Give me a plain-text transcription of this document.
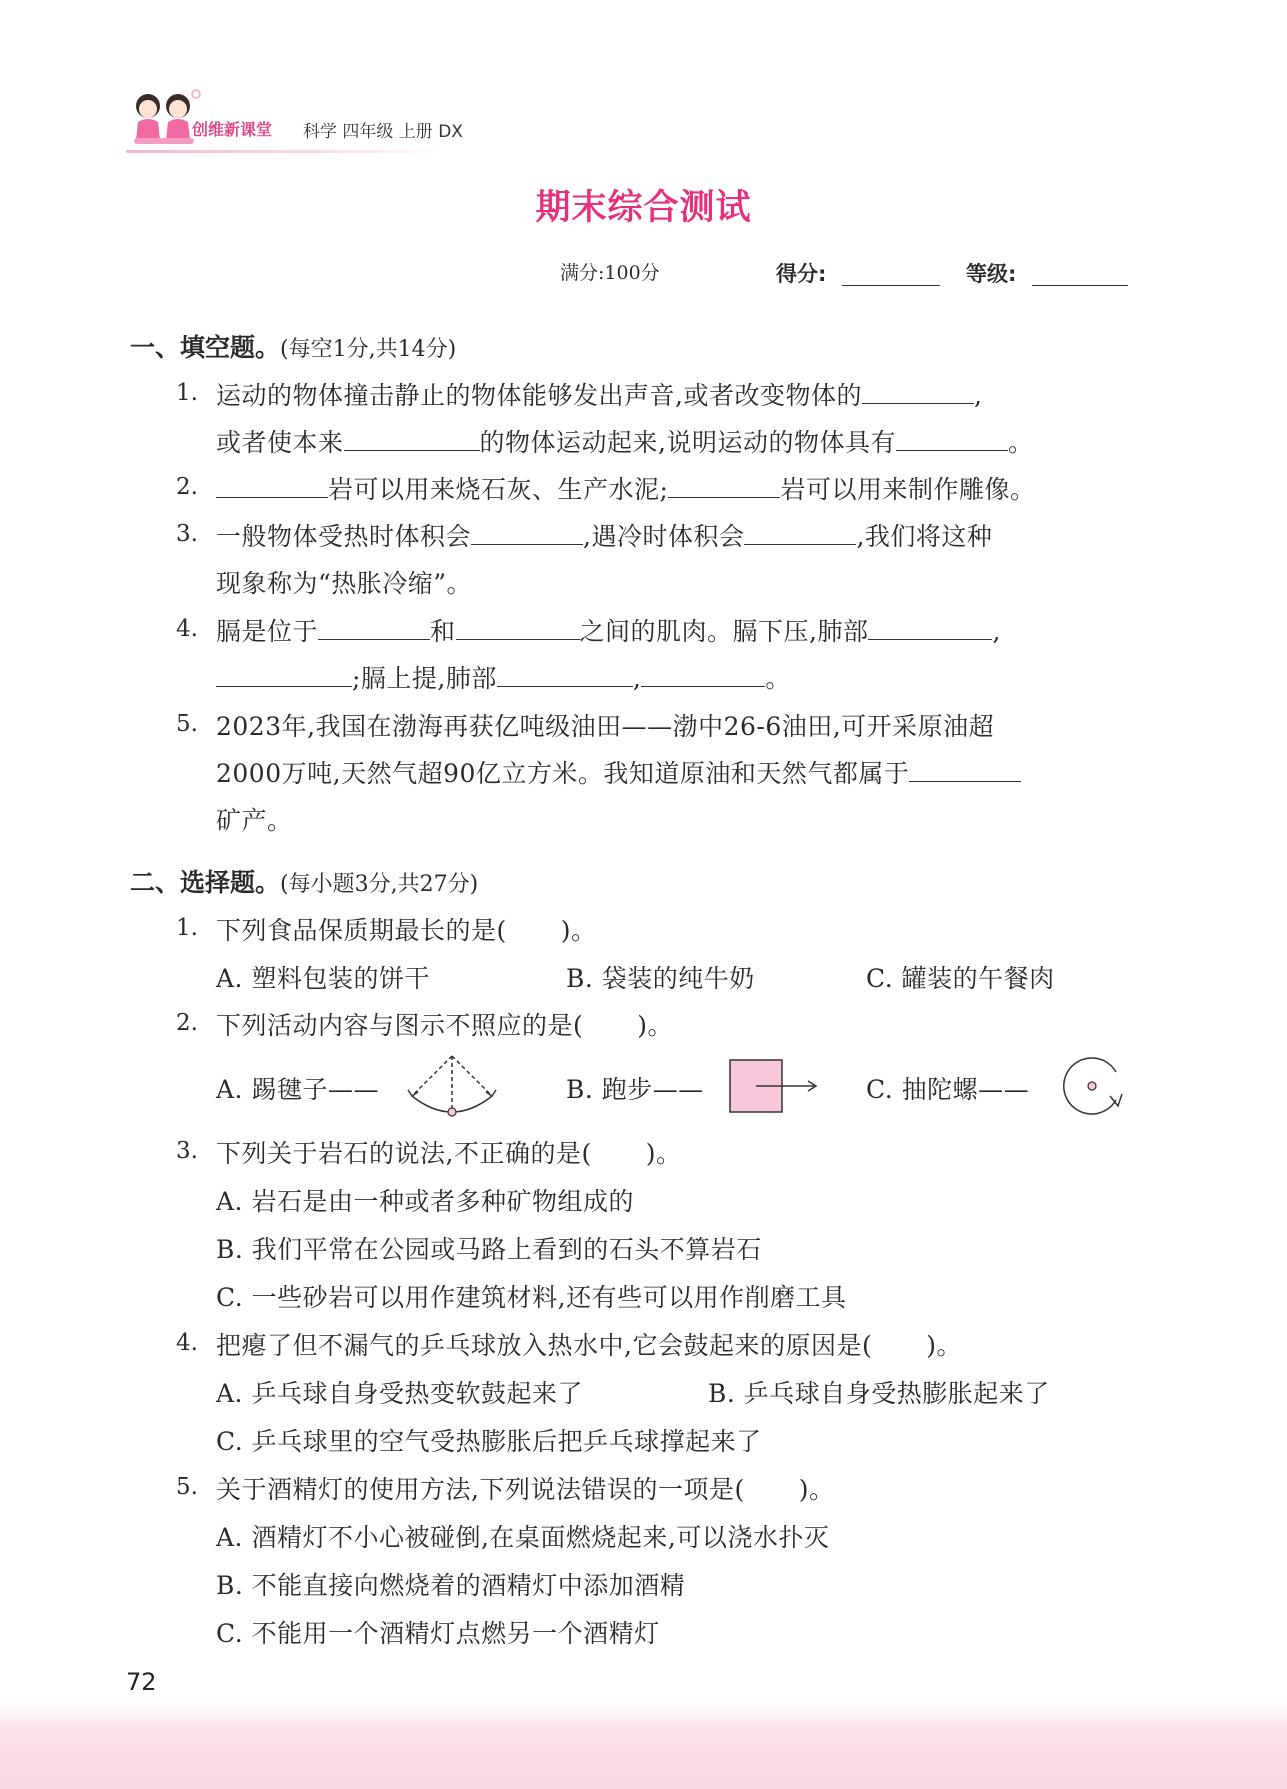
创维新课堂 科学 四年级 上册 DX
期末综合测试
满分:100分	得分:	等级:
一、填空题。(每空1分,共14分)
1. 运动的物体撞击静止的物体能够发出声音,或者改变物体的	,
或者使本来	的物体运动起来,说明运动的物体具有	。
2.	岩可以用来烧石灰、生产水泥;	岩可以用来制作雕像。
3. 一般物体受热时体积会	,遇冷时体积会	,我们将这种
现象称为“热胀冷缩”。
4. 膈是位于	和	之间的肌肉。膈下压,肺部	,
;膈上提,肺部	,	。
5. 2023年,我国在渤海再获亿吨级油田——渤中26-6油田,可开采原油超
2000万吨,天然气超90亿立方米。我知道原油和天然气都属于
矿产。
二、选择题。(每小题3分,共27分)
1. 下列食品保质期最长的是( )。
A. 塑料包装的饼干	B. 袋装的纯牛奶	C. 罐装的午餐肉
2. 下列活动内容与图示不照应的是( )。
A. 踢毽子——	B. 跑步——	C. 抽陀螺——
3. 下列关于岩石的说法,不正确的是( )。
A. 岩石是由一种或者多种矿物组成的
B. 我们平常在公园或马路上看到的石头不算岩石
C. 一些砂岩可以用作建筑材料,还有些可以用作削磨工具
4. 把瘪了但不漏气的乒乓球放入热水中,它会鼓起来的原因是( )。
A. 乒乓球自身受热变软鼓起来了	B. 乒乓球自身受热膨胀起来了
C. 乒乓球里的空气受热膨胀后把乒乓球撑起来了
5. 关于酒精灯的使用方法,下列说法错误的一项是( )。
A. 酒精灯不小心被碰倒,在桌面燃烧起来,可以浇水扑灭
B. 不能直接向燃烧着的酒精灯中添加酒精
C. 不能用一个酒精灯点燃另一个酒精灯
72
